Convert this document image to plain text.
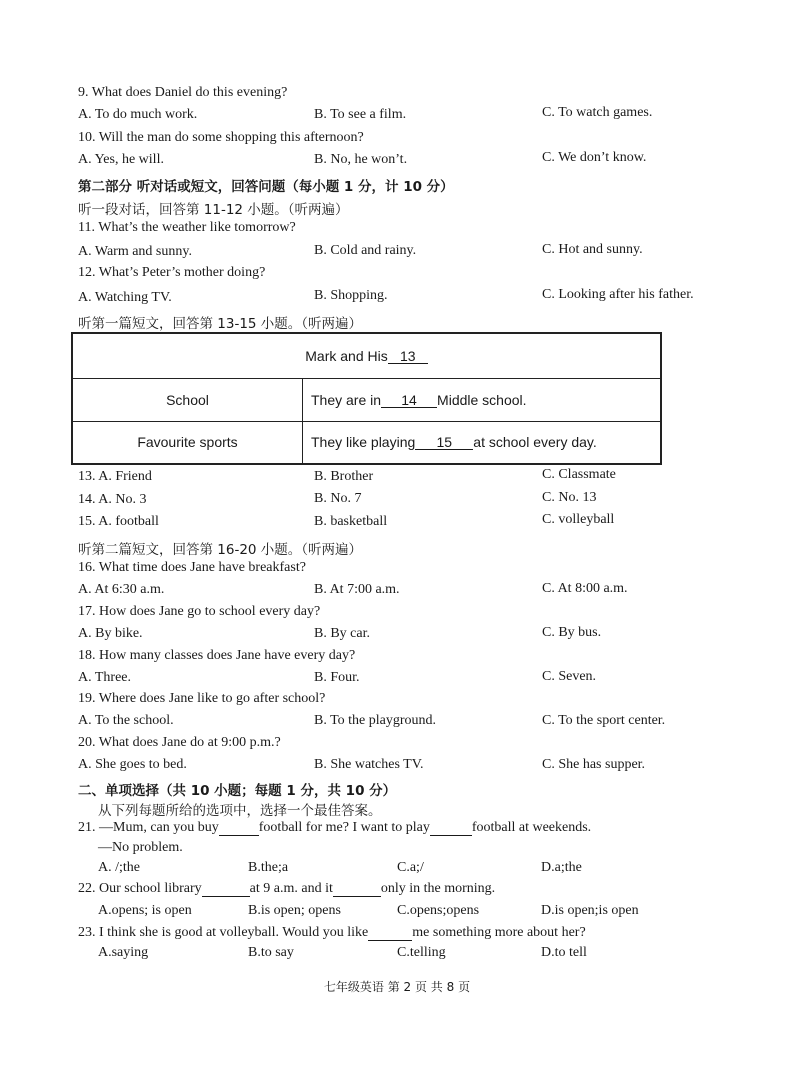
9. What does Daniel do this evening?
A. To do much work.	B. To see a film.	C. To watch games.
10. Will the man do some shopping this afternoon?
A. Yes, he will.	B. No, he won’t.	C. We don’t know.
第二部分 听对话或短文，回答问题（每小题 1 分，计 10 分）
听一段对话，回答第 11-12 小题。（听两遍）
11. What’s the weather like tomorrow?
A. Warm and sunny.	B. Cold and rainy.	C. Hot and sunny.
12. What’s Peter’s mother doing?
A. Watching TV.	B. Shopping.	C. Looking after his father.
听第一篇短文，回答第 13-15 小题。（听两遍）
Mark and His 13	
School	They are in 14 Middle school.
Favourite sports	They like playing 15 at school every day.
13. A. Friend	B. Brother	C. Classmate
14. A. No. 3	B. No. 7	C. No. 13
15. A. football	B. basketball	C. volleyball
听第二篇短文，回答第 16-20 小题。（听两遍）
16. What time does Jane have breakfast?
A. At 6:30 a.m.	B. At 7:00 a.m.	C. At 8:00 a.m.
17. How does Jane go to school every day?
A. By bike.	B. By car.	C. By bus.
18. How many classes does Jane have every day?
A. Three.	B. Four.	C. Seven.
19. Where does Jane like to go after school?
A. To the school.	B. To the playground.	C. To the sport center.
20. What does Jane do at 9:00 p.m.?
A. She goes to bed.	B. She watches TV.	C. She has supper.
二、单项选择（共 10 小题；每题 1 分，共 10 分）
从下列每题所给的选项中，选择一个最佳答案。
21. —Mum, can you buy	football for me? I want to play	football at weekends.
—No problem.
A. /;the	B.the;a	C.a;/	D.a;the
22. Our school library	at 9 a.m. and it	only in the morning.
A.opens; is open	B.is open; opens	C.opens;opens	D.is open;is open
23. I think she is good at volleyball. Would you like	me something more about her?
A.saying	B.to say	C.telling	D.to tell
七年级英语 第 2 页 共 8 页
